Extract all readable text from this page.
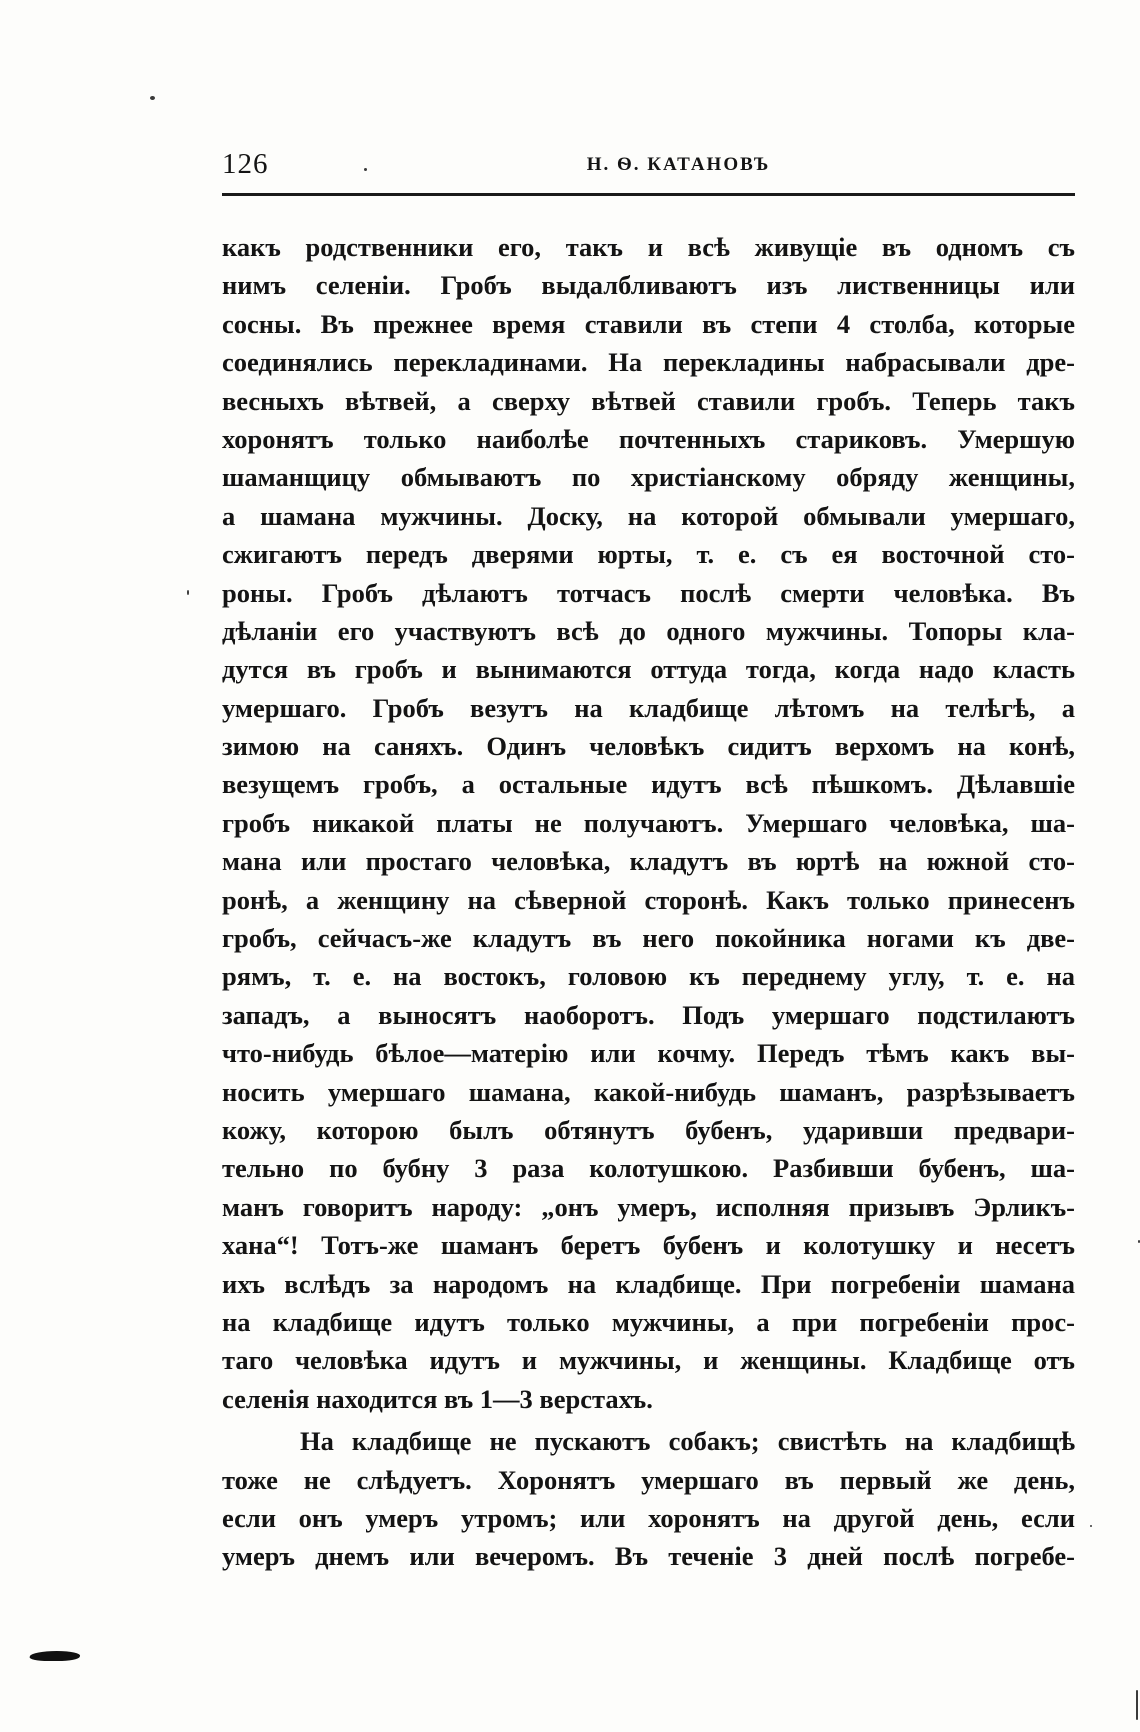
126	Н. Ѳ. КАТАНОВЪ
какъ родственники его, такъ и всѣ живущіе въ одномъ съ
нимъ селеніи. Гробъ выдалбливаютъ изъ лиственницы или
сосны. Въ прежнее время ставили въ степи 4 столба, которые
соединялись перекладинами. На перекладины набрасывали дре-
весныхъ вѣтвей, а сверху вѣтвей ставили гробъ. Теперь такъ
хоронятъ только наиболѣе почтенныхъ стариковъ. Умершую
шаманщицу обмываютъ по христіанскому обряду женщины,
а шамана мужчины. Доску, на которой обмывали умершаго,
сжигаютъ передъ дверями юрты, т. е. съ ея восточной сто-
роны. Гробъ дѣлаютъ тотчасъ послѣ смерти человѣка. Въ
дѣланіи его участвуютъ всѣ до одного мужчины. Топоры кла-
дутся въ гробъ и вынимаются оттуда тогда, когда надо класть
умершаго. Гробъ везутъ на кладбище лѣтомъ на телѣгѣ, а
зимою на саняхъ. Одинъ человѣкъ сидитъ верхомъ на конѣ,
везущемъ гробъ, а остальные идутъ всѣ пѣшкомъ. Дѣлавшіе
гробъ никакой платы не получаютъ. Умершаго человѣка, ша-
мана или простаго человѣка, кладутъ въ юртѣ на южной сто-
ронѣ, а женщину на сѣверной сторонѣ. Какъ только принесенъ
гробъ, сейчасъ-же кладутъ въ него покойника ногами къ две-
рямъ, т. е. на востокъ, головою къ переднему углу, т. е. на
западъ, а выносятъ наоборотъ. Подъ умершаго подстилаютъ
что-нибудь бѣлое—матерію или кочму. Передъ тѣмъ какъ вы-
носить умершаго шамана, какой-нибудь шаманъ, разрѣзываетъ
кожу, которою былъ обтянутъ бубенъ, ударивши предвари-
тельно по бубну 3 раза колотушкою. Разбивши бубенъ, ша-
манъ говоритъ народу: „онъ умеръ, исполняя призывъ Эрликъ-
хана“! Тотъ-же шаманъ беретъ бубенъ и колотушку и несетъ
ихъ вслѣдъ за народомъ на кладбище. При погребеніи шамана
на кладбище идутъ только мужчины, а при погребеніи прос-
таго человѣка идутъ и мужчины, и женщины. Кладбище отъ
селенія находится въ 1—3 верстахъ.
На кладбище не пускаютъ собакъ; свистѣть на кладбищѣ
тоже не слѣдуетъ. Хоронятъ умершаго въ первый же день,
если онъ умеръ утромъ; или хоронятъ на другой день, если
умеръ днемъ или вечеромъ. Въ теченіе 3 дней послѣ погребе-
